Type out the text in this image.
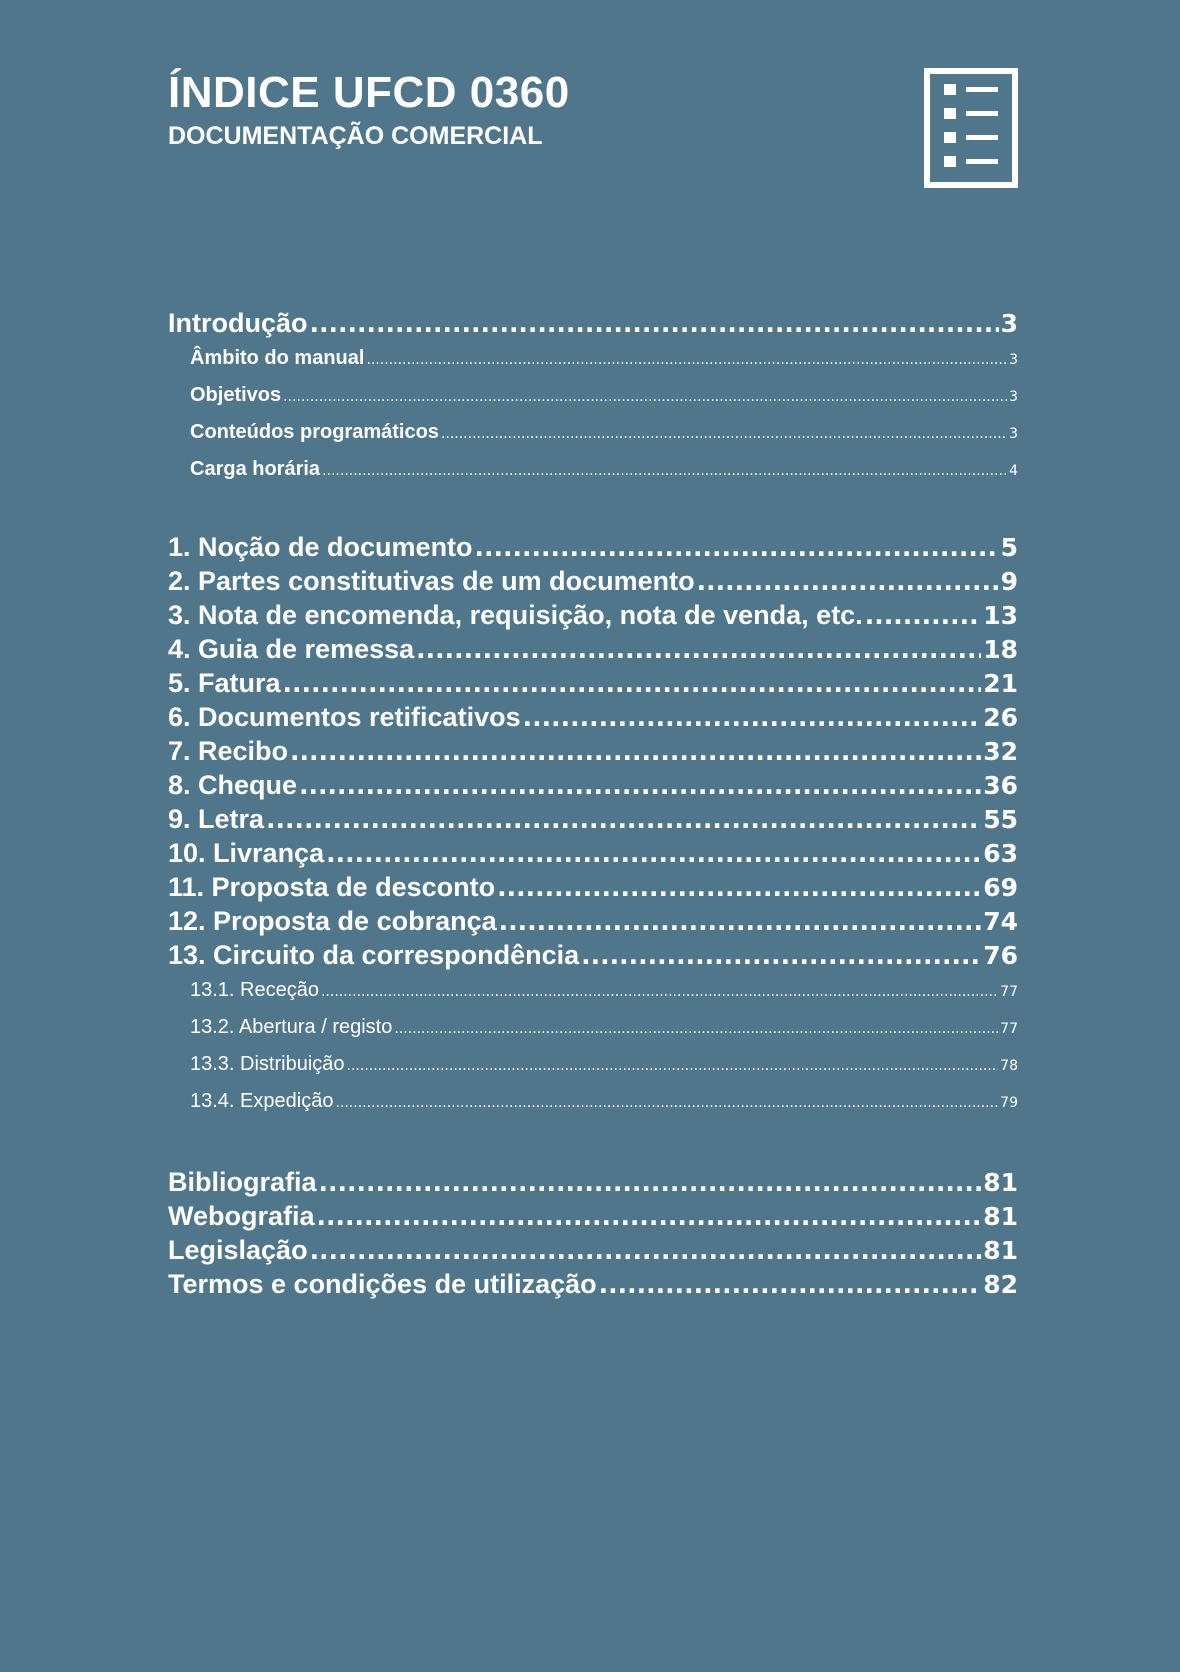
ÍNDICE UFCD 0360
DOCUMENTAÇÃO COMERCIAL
Introdução .....	3
Âmbito do manual .....	3
Objetivos .....	3
Conteúdos programáticos .....	3
Carga horária .....	4
1. Noção de documento .....	5
2. Partes constitutivas de um documento .....	9
3. Nota de encomenda, requisição, nota de venda, etc. .....	13
4. Guia de remessa .....	18
5. Fatura .....	21
6. Documentos retificativos .....	26
7. Recibo .....	32
8. Cheque .....	36
9. Letra .....	55
10. Livrança .....	63
11. Proposta de desconto .....	69
12. Proposta de cobrança .....	74
13. Circuito da correspondência .....	76
13.1. Receção .....	77
13.2. Abertura / registo .....	77
13.3. Distribuição .....	78
13.4. Expedição .....	79
Bibliografia .....	81
Webografia .....	81
Legislação .....	81
Termos e condições de utilização .....	82
